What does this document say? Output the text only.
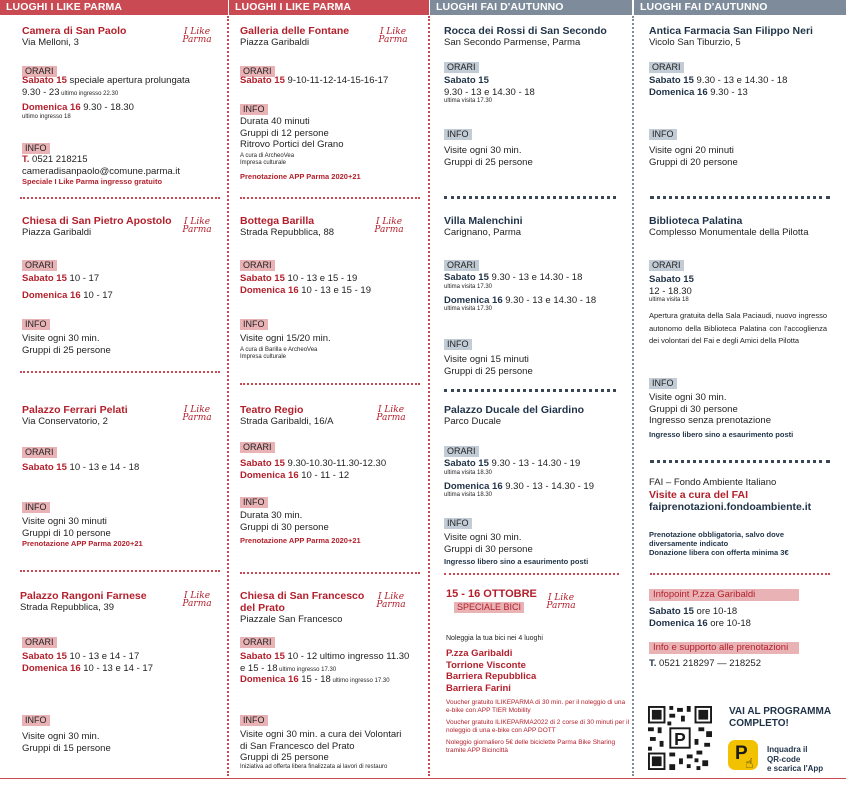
LUOGHI I LIKE PARMA
Camera di San Paolo
Via Melloni, 3
I Like
Parma
ORARI
Sabato 15 speciale apertura prolungata
9.30 - 23 ultimo ingresso 22.30
Domenica 16 9.30 - 18.30
ultimo ingresso 18
INFO
T. 0521 218215
cameradisanpaolo@comune.parma.it
Speciale I Like Parma ingresso gratuito
Chiesa di San Pietro Apostolo
Piazza Garibaldi
I Like
Parma
ORARI
Sabato 15 10 - 17
Domenica 16 10 - 17
INFO
Visite ogni 30 min.
Gruppi di 25 persone
Palazzo Ferrari Pelati
Via Conservatorio, 2
I Like
Parma
ORARI
Sabato 15 10 - 13 e 14 - 18
INFO
Visite ogni 30 minuti
Gruppi di 10 persone
Prenotazione APP Parma 2020+21
Palazzo Rangoni Farnese
Strada Repubblica, 39
I Like
Parma
ORARI
Sabato 15 10 - 13 e 14 - 17
Domenica 16 10 - 13 e 14 - 17
INFO
Visite ogni 30 min.
Gruppi di 15 persone
LUOGHI I LIKE PARMA
Galleria delle Fontane
Piazza Garibaldi
I Like
Parma
ORARI
Sabato 15 9-10-11-12-14-15-16-17
INFO
Durata 40 minuti
Gruppi di 12 persone
Ritrovo Portici del Grano
A cura di ArcheoVea
Impresa culturale
Prenotazione APP Parma 2020+21
Bottega Barilla
Strada Repubblica, 88
I Like
Parma
ORARI
Sabato 15 10 - 13 e 15 - 19
Domenica 16 10 - 13 e 15 - 19
INFO
Visite ogni 15/20 min.
A cura di Barilla e ArcheoVea
Impresa culturale
Teatro Regio
Strada Garibaldi, 16/A
I Like
Parma
ORARI
Sabato 15 9.30-10.30-11.30-12.30
Domenica 16 10 - 11 - 12
INFO
Durata 30 min.
Gruppi di 30 persone
Prenotazione APP Parma 2020+21
Chiesa di San Francesco
del Prato
Piazzale San Francesco
I Like
Parma
ORARI
Sabato 15 10 - 12 ultimo ingresso 11.30
e 15 - 18 ultimo ingresso 17.30
Domenica 16 15 - 18 ultimo ingresso 17.30
INFO
Visite ogni 30 min. a cura dei Volontari
di San Francesco del Prato
Gruppi di 25 persone
Iniziativa ad offerta libera finalizzata ai lavori di restauro
LUOGHI FAI D'AUTUNNO
Rocca dei Rossi di San Secondo
San Secondo Parmense, Parma
ORARI
Sabato 15
9.30 - 13 e 14.30 - 18
ultima visita 17.30
INFO
Visite ogni 30 min.
Gruppi di 25 persone
Villa Malenchini
Carignano, Parma
ORARI
Sabato 15 9.30 - 13 e 14.30 - 18
ultima visita 17.30
Domenica 16 9.30 - 13 e 14.30 - 18
ultima visita 17.30
INFO
Visite ogni 15 minuti
Gruppi di 25 persone
Palazzo Ducale del Giardino
Parco Ducale
ORARI
Sabato 15 9.30 - 13 - 14.30 - 19
ultima visita 18.30
Domenica 16 9.30 - 13 - 14.30 - 19
ultima visita 18.30
INFO
Visite ogni 30 min.
Gruppi di 30 persone
Ingresso libero sino a esaurimento posti
15 - 16 OTTOBRE
SPECIALE BICI
I Like
Parma
Noleggia la tua bici nei 4 luoghi
P.zza Garibaldi
Torrione Visconte
Barriera Repubblica
Barriera Farini
Voucher gratuito ILIKEPARMA di 30 min. per il noleggio di una e-bike con APP TIER Mobility
Voucher gratuito ILIKEPARMA2022 di 2 corse di 30 minuti per il noleggio di una e-bike con APP DOTT
Noleggio giornaliero 5€ delle biciclette Parma Bike Sharing tramite APP Bicincittà
LUOGHI FAI D'AUTUNNO
Antica Farmacia San Filippo Neri
Vicolo San Tiburzio, 5
ORARI
Sabato 15 9.30 - 13 e 14.30 - 18
Domenica 16 9.30 - 13
INFO
Visite ogni 20 minuti
Gruppi di 20 persone
Biblioteca Palatina
Complesso Monumentale della Pilotta
ORARI
Sabato 15
12 - 18.30
ultima visita 18
Apertura gratuita della Sala Paciaudi, nuovo ingresso autonomo della Biblioteca Palatina con l'accoglienza dei volontari del Fai e degli Amici della Pilotta
INFO
Visite ogni 30 min.
Gruppi di 30 persone
Ingresso senza prenotazione
Ingresso libero sino a esaurimento posti
FAI – Fondo Ambiente Italiano
Visite a cura del FAI
faiprenotazioni.fondoambiente.it
Prenotazione obbligatoria, salvo dove
diversamente indicato
Donazione libera con offerta minima 3€
Infopoint P.zza Garibaldi
Sabato 15 ore 10-18
Domenica 16 ore 10-18
Info e supporto alle prenotazioni
T. 0521 218297 — 218252
P
VAI AL PROGRAMMA
COMPLETO!
P
☝
Inquadra il
QR-code
e scarica l'App
